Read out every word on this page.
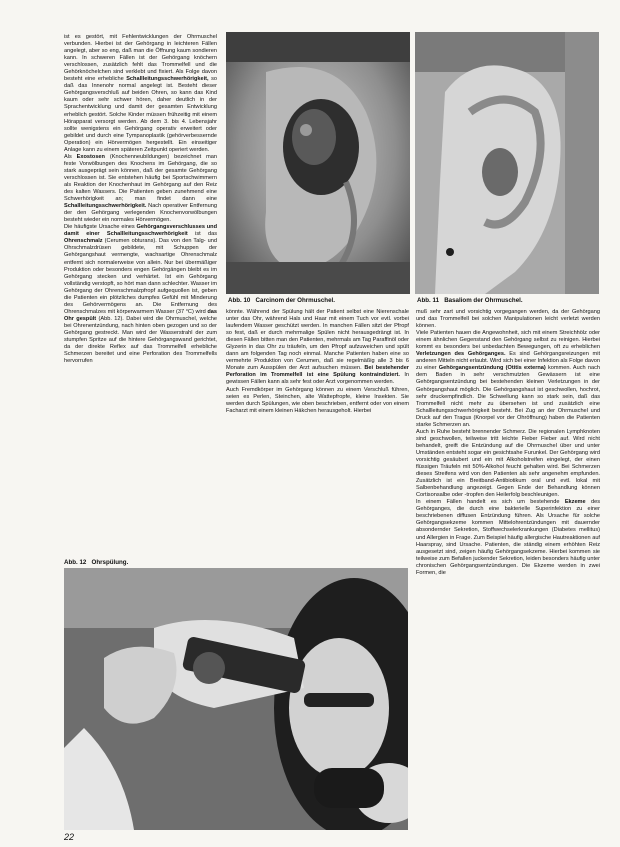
ist es gestört, mit Fehlentwicklungen der Ohrmuschel verbunden. Hierbei ist der Gehörgang in leichteren Fällen angelegt, aber so eng, daß man die Öffnung kaum sondieren kann. In schweren Fällen ist der Gehörgang knöchern verschlossen, zusätzlich fehlt das Trommelfell und die Gehörknöchelchen sind verklebt und fixiert. Als Folge davon besteht eine erhebliche Schallleitungsschwerhörigkeit, so daß das Innenohr normal angelegt ist. Besteht dieser Gehörgangsverschluß auf beiden Ohren, so kann das Kind kaum oder sehr schwer hören, daher deutlich in der Sprachentwicklung und damit der gesamten Entwicklung erheblich gestört. Solche Kinder müssen frühzeitig mit einem Hörapparat versorgt werden. Ab dem 3. bis 4. Lebensjahr sollte wenigstens ein Gehörgang operativ erweitert oder gebildet und durch eine Tympanoplastik (gehörverbessernde Operation) ein Hörvermögen hergestellt. Ein einseitiger Anlage kann zu einem späteren Zeitpunkt operiert werden.

Als Exostosen (Knochenneubildungen) bezeichnet man feste Vorwölbungen des Knochens im Gehörgang, die so stark ausgeprägt sein können, daß der gesamte Gehörgang verschlossen ist. Sie entstehen häufig bei Sportschwimmern als Reaktion der Knochenhaut im Gehörgang auf den Reiz des kalten Wassers. Die Patienten geben zunehmend eine Schwerhörigkeit an; man findet dann eine Schallleitungsschwerhörigkeit. Nach operativer Entfernung der den Gehörgang verlegenden Knochenvorwölbungen besteht wieder ein normales Hörvermögen.

Die häufigste Ursache eines Gehörgangsverschlusses und damit einer Schallleitungsschwerhörigkeit ist das Ohrenschmalz (Cerumen obturans). Das von den Talg- und Ohrschmalzdrüsen gebildete, mit Schuppen der Gehörgangshaut vermengte, wachsartige Ohrenschmalz entfernt sich normalerweise von allein. Nur bei übermäßiger Produktion oder besonders engen Gehörgängen bleibt es im Gehörgang stecken und verhärtet. Ist ein Gehörgang vollständig verstopft, so hört man dann schlechter. Wasser im Gehörgang der Ohrenschmalzpfropf aufgequollen ist, geben die Patienten ein plötzliches dumpfes Gefühl mit Minderung des Gehörvermögens an. Die Entfernung des Ohrenschmalzes mit körperwarmem Wasser (37 °C) wird das Ohr gespült (Abb. 12). Dabei wird die Ohrmuschel, welche bei Ohrenentzündung, nach hinten oben gezogen und so der Gehörgang gestreckt. Man wird der Wasserstrahl der zum stumpfen Spritze auf die hintere Gehörgangswand gerichtet, da der direkte Reflex auf das Trommelfell erhebliche Schmerzen bereitet und eine Perforation des Trommelfells hervorrufen

Abb. 10 Carcinom der Ohrmuschel.	Abb. 11 Basaliom der Ohrmuschel.

könnte. Während der Spülung hält der Patient selbst eine Nierenschale unter das Ohr, während Hals und Haar mit einem Tuch vor evtl. vorbei laufendem Wasser geschützt werden. In manchen Fällen sitzt der Pfropf so fest, daß er durch mehrmalige Spülen nicht herausgedrängt ist. In diesen Fällen bitten man den Patienten, mehrmals am Tag Paraffinöl oder Glyzerin in das Ohr zu träufeln, um den Pfropf aufzuweichen und spült dann am folgenden Tag noch einmal. Manche Patienten haben eine so vermehrte Produktion von Cerumen, daß sie regelmäßig alle 3 bis 6 Monate zum Ausspülen der Arzt aufsuchen müssen. Bei bestehender Perforation im Trommelfell ist eine Spülung kontraindiziert. In gewissen Fällen kann als sehr fest oder Arzt vorgenommen werden.

Auch Fremdkörper im Gehörgang können zu einem Verschluß führen, seien es Perlen, Steinchen, alte Wattepfropfe, kleine Insekten. Sie werden durch Spülungen, wie oben beschrieben, entfernt oder von einem Facharzt mit einem kleinen Häkchen herausgeholt. Hierbei

muß sehr zart und vorsichtig vorgegangen werden, da der Gehörgang und das Trommelfell bei solchen Manipulationen leicht verletzt werden können.

Viele Patienten hauen die Angewohnheit, sich mit einem Streichhölz oder einem ähnlichen Gegenstand den Gehörgang selbst zu reinigen. Hierbei kommt es besonders bei unbedachten Bewegungen, oft zu erheblichen Verletzungen des Gehörganges. Es sind Gehörgangsreizungen mit anderen Mitteln nicht erlaubt. Wird sich bei einer Infektion als Folge davon zu einer Gehörgangsentzündung (Otitis externa) kommen. Auch nach dem Baden in sehr verschmutzten Gewässern ist eine Gehörgangsentzündung bei bestehenden kleinen Verletzungen in der Gehörgangshaut möglich. Die Gehörgangshaut ist geschwollen, hochrot, sehr druckempfindlich. Die Schwellung kann so stark sein, daß das Trommelfell nicht mehr zu übersehen ist und zusätzlich eine Schallleitungsschwerhörigkeit besteht. Bei Zug an der Ohrmuschel und Druck auf den Tragus (Knorpel vor der Ohröffnung) haben die Patienten starke Schmerzen an.

Auch in Ruhe besteht brennender Schmerz. Die regionalen Lymphknoten sind geschwollen, teilweise tritt leichte Fieber Fieber auf. Wird nicht behandelt, greift die Entzündung auf die Ohrmuschel über und unter Umständen entsteht sogar ein gesichtsahe Furunkel. Der Gehörgang wird vorsichtig gesäubert und ein mit Alkoholstreifen eingelegt, der einen flüssigen Träufeln mit 50%-Alkohol feucht gehalten wird. Bei Schmerzen dieses Streifens wird von den Patienten als sehr angenehm empfunden. Zusätzlich ist ein Breitband-Antibiotikum oral und evtl. lokal mit Salbenbehandlung angezeigt. Gegen Ende der Behandlung können Cortisonsalbe oder -tropfen den Heilerfolg beschleunigen.

In einem Fällen handelt es sich um bestehende Ekzeme des Gehörganges, die durch eine bakterielle Superinfektion zu einer beschriebenen diffusen Entzündung führen. Als Ursache für solche Gehörgangsekzeme kommen Mittelohrentzündungen mit dauernder absondernder Sekretion, Stoffwechselerkrankungen (Diabetes mellitus) und Allergien in Frage. Zum Beispiel häufig allergische Hautreaktionen auf Haarspray, sind Ursache. Patienten, die ständig einem erhöhten Reiz ausgesetzt sind, zeigen häufig Gehörgangsekzeme. Hierbei kommen sie teilweise zum Befallen juckender Sekretion, leiden besonders häufig unter chronischen Gehörgangsentzündungen. Die Ekzeme werden in zwei Formen, die

Abb. 12 Ohrspülung.
22
